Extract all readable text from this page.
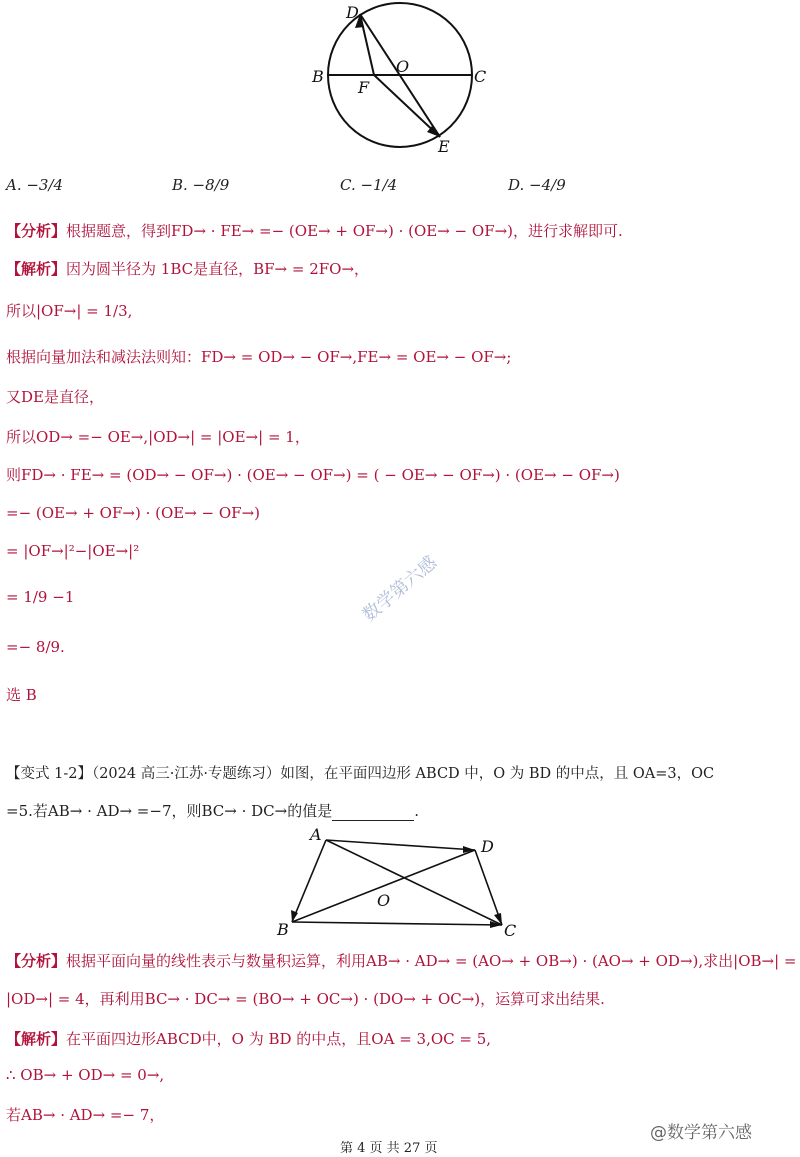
D
O
B	C
F
E
A. −3/4	B. −8/9	C. −1/4	D. −4/9
【分析】根据题意，得到FD→ · FE→ =− (OE→ + OF→) · (OE→ − OF→)，进行求解即可.
【解析】因为圆半径为 1BC是直径，BF→ = 2FO→，
所以|OF→| = 1/3,
根据向量加法和减法法则知：FD→ = OD→ − OF→,FE→ = OE→ − OF→;
又DE是直径，
所以OD→ =− OE→,|OD→| = |OE→| = 1，
则FD→ · FE→ = (OD→ − OF→) · (OE→ − OF→) = ( − OE→ − OF→) · (OE→ − OF→)
=− (OE→ + OF→) · (OE→ − OF→)
= |OF→|²−|OE→|²
= 1/9 −1
=− 8/9.
选 B
数学第六感
【变式 1-2】（2024 高三·江苏·专题练习）如图，在平面四边形 ABCD 中，O 为 BD 的中点，且 OA=3，OC
=5.若AB→ · AD→ =−7，则BC→ · DC→的值是	.
A
D
O
B	C
【分析】根据平面向量的线性表示与数量积运算，利用AB→ · AD→ = (AO→ + OB→) · (AO→ + OD→),求出|OB→| =
|OD→| = 4，再利用BC→ · DC→ = (BO→ + OC→) · (DO→ + OC→)，运算可求出结果.
【解析】在平面四边形ABCD中，O 为 BD 的中点，且OA = 3,OC = 5,
∴ OB→ + OD→ = 0→,
若AB→ · AD→ =− 7，
第 4 页 共 27 页
@数学第六感
